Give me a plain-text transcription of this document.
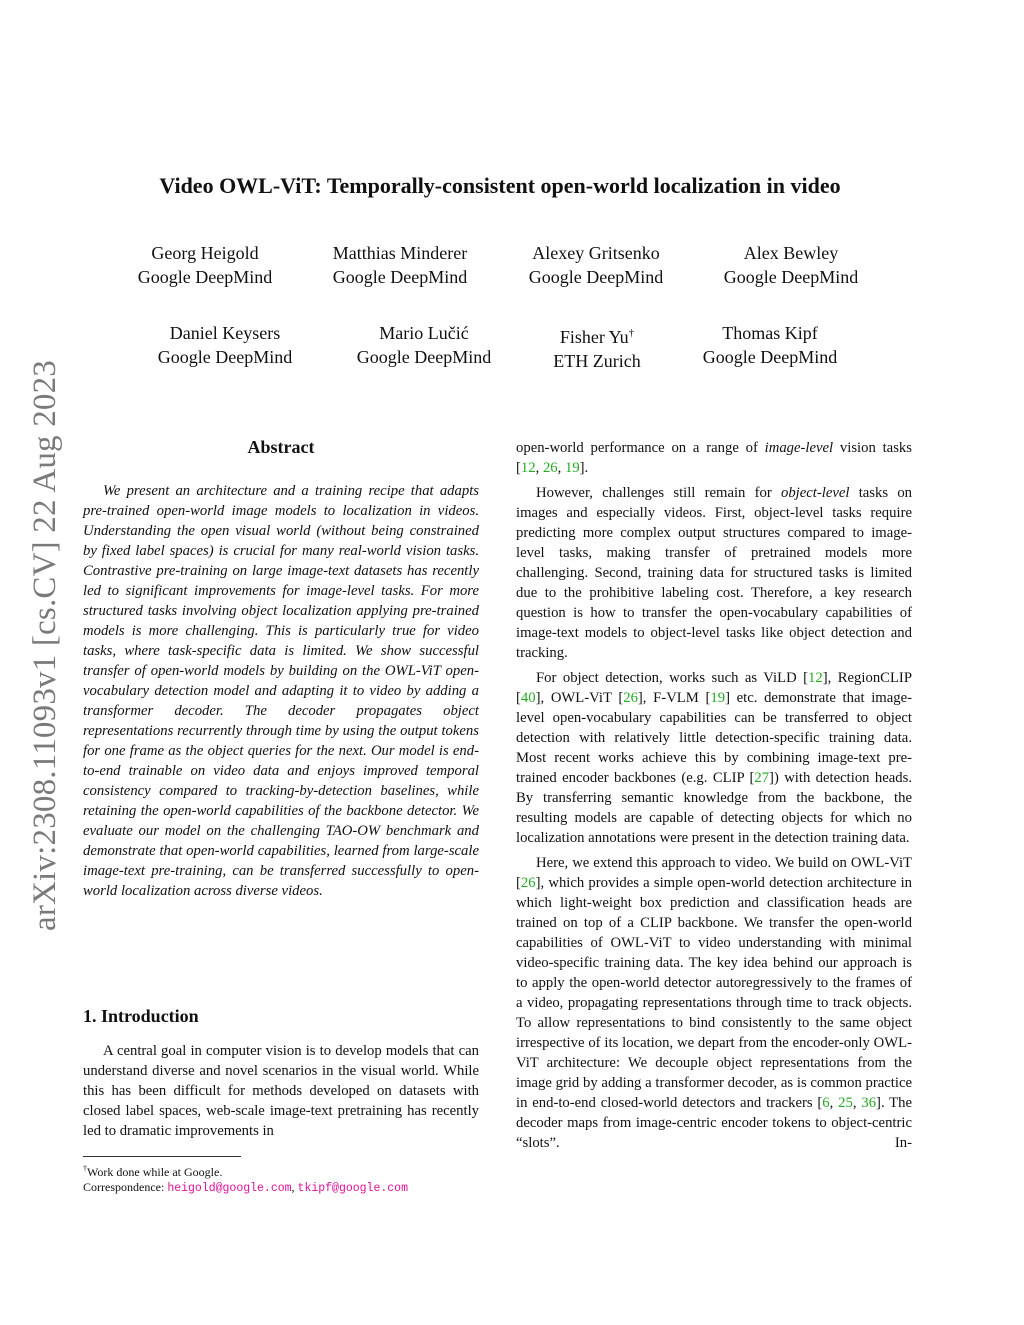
arXiv:2308.11093v1 [cs.CV] 22 Aug 2023
Video OWL-ViT: Temporally-consistent open-world localization in video
Georg Heigold
Google DeepMind
Matthias Minderer
Google DeepMind
Alexey Gritsenko
Google DeepMind
Alex Bewley
Google DeepMind
Daniel Keysers
Google DeepMind
Mario Lučić
Google DeepMind
Fisher Yu†
ETH Zurich
Thomas Kipf
Google DeepMind
Abstract

We present an architecture and a training recipe that adapts pre-trained open-world image models to localization in videos. Understanding the open visual world (without being constrained by fixed label spaces) is crucial for many real-world vision tasks. Contrastive pre-training on large image-text datasets has recently led to significant improvements for image-level tasks. For more structured tasks involving object localization applying pre-trained models is more challenging. This is particularly true for video tasks, where task-specific data is limited. We show successful transfer of open-world models by building on the OWL-ViT open-vocabulary detection model and adapting it to video by adding a transformer decoder. The decoder propagates object representations recurrently through time by using the output tokens for one frame as the object queries for the next. Our model is end-to-end trainable on video data and enjoys improved temporal consistency compared to tracking-by-detection baselines, while retaining the open-world capabilities of the backbone detector. We evaluate our model on the challenging TAO-OW benchmark and demonstrate that open-world capabilities, learned from large-scale image-text pre-training, can be transferred successfully to open-world localization across diverse videos.

1. Introduction

A central goal in computer vision is to develop models that can understand diverse and novel scenarios in the visual world. While this has been difficult for methods developed on datasets with closed label spaces, web-scale image-text pretraining has recently led to dramatic improvements in

†Work done while at Google.
Correspondence: heigold@google.com, tkipf@google.com

open-world performance on a range of image-level vision tasks [12, 26, 19].

However, challenges still remain for object-level tasks on images and especially videos. First, object-level tasks require predicting more complex output structures compared to image-level tasks, making transfer of pretrained models more challenging. Second, training data for structured tasks is limited due to the prohibitive labeling cost. Therefore, a key research question is how to transfer the open-vocabulary capabilities of image-text models to object-level tasks like object detection and tracking.

For object detection, works such as ViLD [12], RegionCLIP [40], OWL-ViT [26], F-VLM [19] etc. demonstrate that image-level open-vocabulary capabilities can be transferred to object detection with relatively little detection-specific training data. Most recent works achieve this by combining image-text pre-trained encoder backbones (e.g. CLIP [27]) with detection heads. By transferring semantic knowledge from the backbone, the resulting models are capable of detecting objects for which no localization annotations were present in the detection training data.

Here, we extend this approach to video. We build on OWL-ViT [26], which provides a simple open-world detection architecture in which light-weight box prediction and classification heads are trained on top of a CLIP backbone. We transfer the open-world capabilities of OWL-ViT to video understanding with minimal video-specific training data. The key idea behind our approach is to apply the open-world detector autoregressively to the frames of a video, propagating representations through time to track objects. To allow representations to bind consistently to the same object irrespective of its location, we depart from the encoder-only OWL-ViT architecture: We decouple object representations from the image grid by adding a transformer decoder, as is common practice in end-to-end closed-world detectors and trackers [6, 25, 36]. The decoder maps from image-centric encoder tokens to object-centric “slots”. In-
